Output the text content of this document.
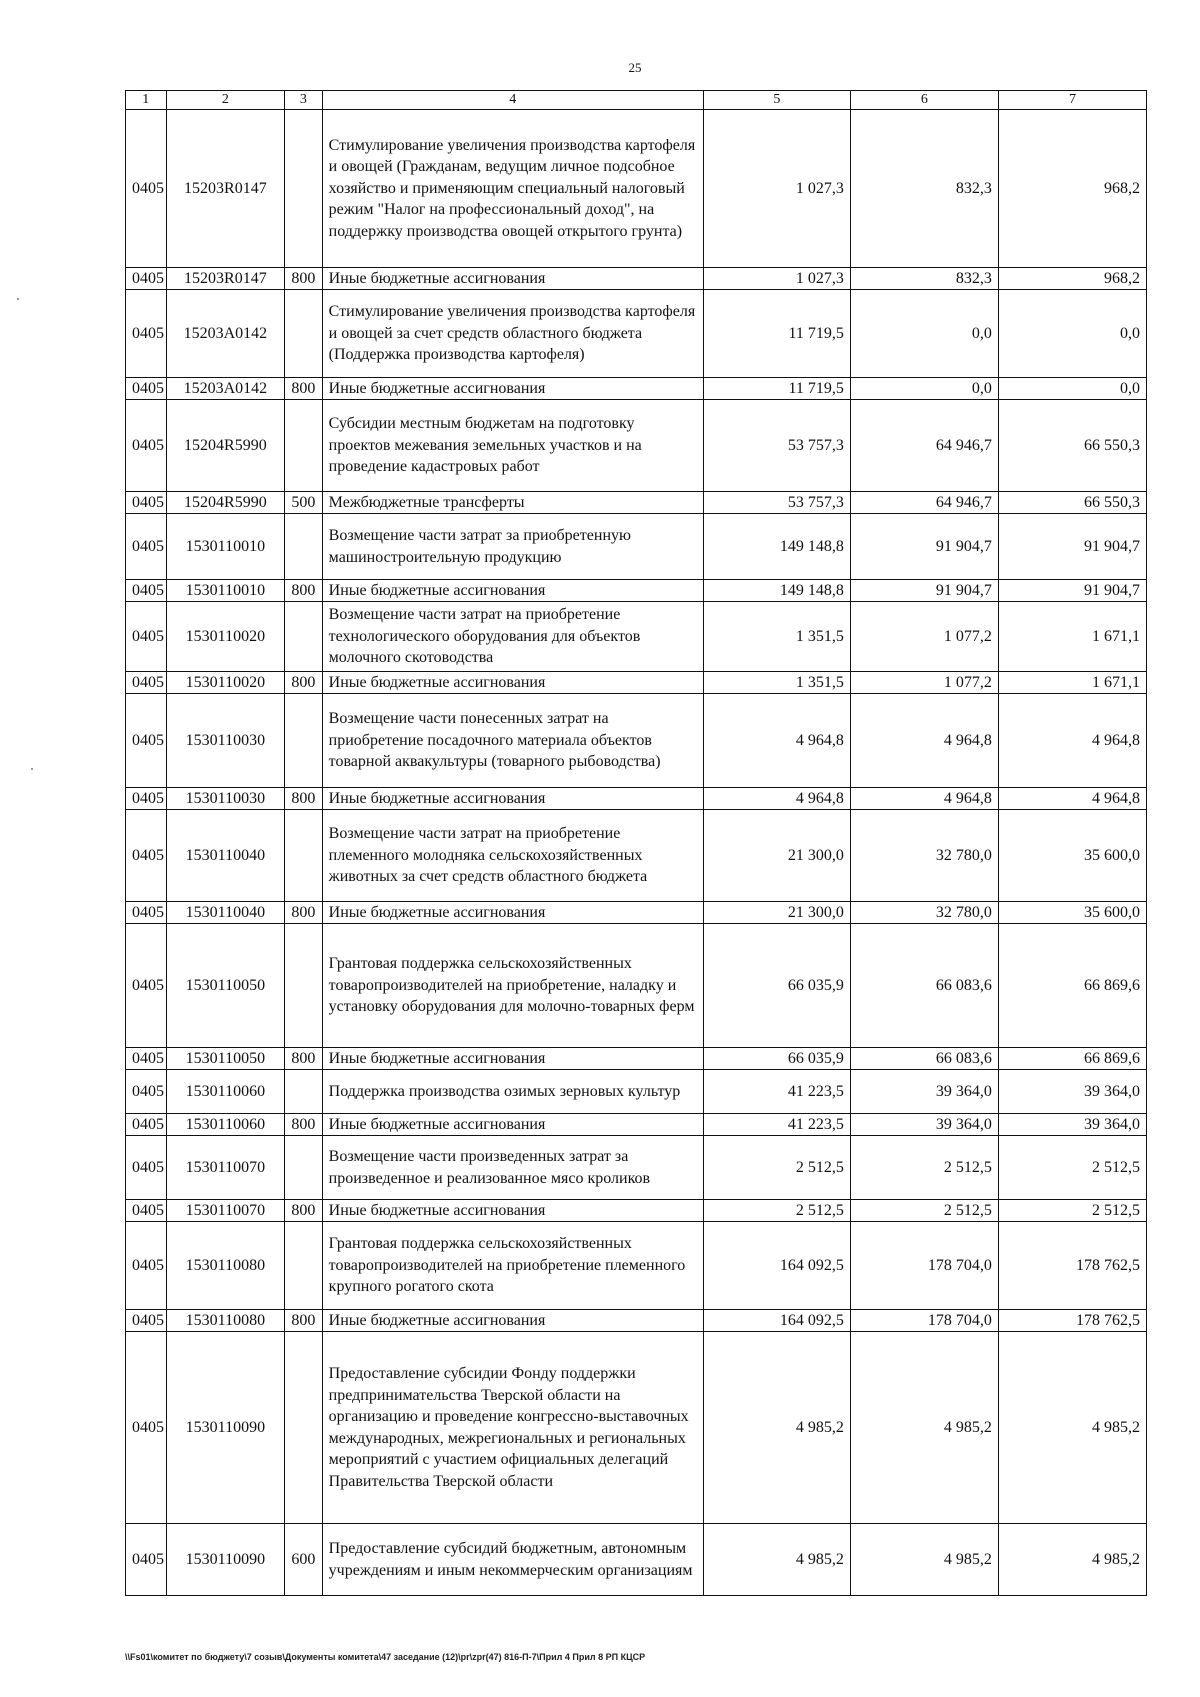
25
1	2	3	4	5	6	7
0405	15203R0147		Стимулирование увеличения производства картофеля и овощей (Гражданам, ведущим личное подсобное хозяйство и применяющим специальный налоговый режим "Налог на профессиональный доход", на поддержку производства овощей открытого грунта)	1 027,3	832,3	968,2
0405	15203R0147	800	Иные бюджетные ассигнования	1 027,3	832,3	968,2
0405	15203A0142		Стимулирование увеличения производства картофеля и овощей за счет средств областного бюджета (Поддержка производства картофеля)	11 719,5	0,0	0,0
0405	15203A0142	800	Иные бюджетные ассигнования	11 719,5	0,0	0,0
0405	15204R5990		Субсидии местным бюджетам на подготовку проектов межевания земельных участков и на проведение кадастровых работ	53 757,3	64 946,7	66 550,3
0405	15204R5990	500	Межбюджетные трансферты	53 757,3	64 946,7	66 550,3
0405	1530110010		Возмещение части затрат за приобретенную машиностроительную продукцию	149 148,8	91 904,7	91 904,7
0405	1530110010	800	Иные бюджетные ассигнования	149 148,8	91 904,7	91 904,7
0405	1530110020		Возмещение части затрат на приобретение технологического оборудования для объектов молочного скотоводства	1 351,5	1 077,2	1 671,1
0405	1530110020	800	Иные бюджетные ассигнования	1 351,5	1 077,2	1 671,1
0405	1530110030		Возмещение части понесенных затрат на приобретение посадочного материала объектов товарной аквакультуры (товарного рыбоводства)	4 964,8	4 964,8	4 964,8
0405	1530110030	800	Иные бюджетные ассигнования	4 964,8	4 964,8	4 964,8
0405	1530110040		Возмещение части затрат на приобретение племенного молодняка сельскохозяйственных животных за счет средств областного бюджета	21 300,0	32 780,0	35 600,0
0405	1530110040	800	Иные бюджетные ассигнования	21 300,0	32 780,0	35 600,0
0405	1530110050		Грантовая поддержка сельскохозяйственных товаропроизводителей на приобретение, наладку и установку оборудования для молочно-товарных ферм	66 035,9	66 083,6	66 869,6
0405	1530110050	800	Иные бюджетные ассигнования	66 035,9	66 083,6	66 869,6
0405	1530110060		Поддержка производства озимых зерновых культур	41 223,5	39 364,0	39 364,0
0405	1530110060	800	Иные бюджетные ассигнования	41 223,5	39 364,0	39 364,0
0405	1530110070		Возмещение части произведенных затрат за произведенное и реализованное мясо кроликов	2 512,5	2 512,5	2 512,5
0405	1530110070	800	Иные бюджетные ассигнования	2 512,5	2 512,5	2 512,5
0405	1530110080		Грантовая поддержка сельскохозяйственных товаропроизводителей на приобретение племенного крупного рогатого скота	164 092,5	178 704,0	178 762,5
0405	1530110080	800	Иные бюджетные ассигнования	164 092,5	178 704,0	178 762,5
0405	1530110090		Предоставление субсидии Фонду поддержки предпринимательства Тверской области на организацию и проведение конгрессно-выставочных международных, межрегиональных и региональных мероприятий с участием официальных делегаций Правительства Тверской области	4 985,2	4 985,2	4 985,2
0405	1530110090	600	Предоставление субсидий бюджетным, автономным учреждениям и иным некоммерческим организациям	4 985,2	4 985,2	4 985,2
\\Fs01\комитет по бюджету\7 созыв\Документы комитета\47 заседание (12)\pr\zpr(47) 816-П-7\Прил 4 Прил 8 РП КЦСР
